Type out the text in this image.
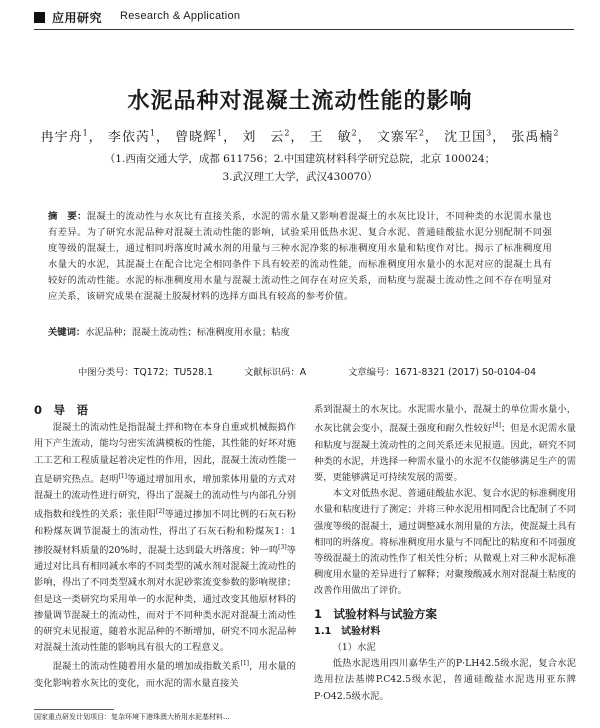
应用研究 Research & Application
水泥品种对混凝土流动性能的影响
冉宇舟$^1$， 李依芮$^1$， 曾晓辉$^1$， 刘　云$^2$， 王　敏$^2$， 文寨军$^2$， 沈卫国$^3$， 张禹楠$^2$
（1.西南交通大学，成都 611756；2.中国建筑材料科学研究总院，北京 100024；
3.武汉理工大学，武汉430070）
摘　要：混凝土的流动性与水灰比有直接关系，水泥的需水量又影响着混凝土的水灰比设计，不同种类的水泥需水量也有差异。为了研究水泥品种对混凝土流动性能的影响，试验采用低热水泥、复合水泥、普通硅酸盐水泥分别配制不同强度等级的混凝土，通过相同坍落度时减水剂的用量与三种水泥净浆的标准稠度用水量和粘度作对比。揭示了标准稠度用水量大的水泥，其混凝土在配合比完全相同条件下具有较差的流动性能，而标准稠度用水量小的水泥对应的混凝土具有较好的流动性能。水泥的标准稠度用水量与混凝土流动性之间存在对应关系，而粘度与混凝土流动性之间不存在明显对应关系，该研究成果在混凝土胶凝材料的选择方面具有较高的参考价值。
关键词：水泥品种；混凝土流动性；标准稠度用水量；粘度
中图分类号：TQ172；TU528.1	文献标识码：A	文章编号：1671-8321 (2017) S0-0104-04
0　导　语

混凝土的流动性是指混凝土拌和物在本身自重或机械振捣作用下产生流动，能均匀密实流满模板的性能，其性能的好坏对施工工艺和工程质量起着决定性的作用，因此，混凝土流动性能一直是研究热点。赵明[1]等通过增加用水，增加浆体用量的方式对混凝土的流动性进行研究，得出了混凝土的流动性与内部孔分别成指数和线性的关系；张佳阳[2]等通过掺加不同比例的石灰石粉和粉煤灰调节混凝土的流动性，得出了石灰石粉和粉煤灰1：1掺胶凝材料质量的20%时，混凝土达到最大坍落度；钟一鸣[3]等通过对比具有相同减水率的不同类型的减水剂对混凝土流动性的影响，得出了不同类型减水剂对水泥砂浆流变参数的影响规律；但是这一类研究均采用单一的水泥种类，通过改变其他原材料的掺量调节混凝土的流动性，而对于不同种类水泥对混凝土流动性的研究未见报道，随着水泥品种的不断增加，研究不同水泥品种对混凝土流动性能的影响具有很大的工程意义。

混凝土的流动性随着用水量的增加成指数关系[1]，用水量的变化影响着水灰比的变化，而水泥的需水量直接关

国家重点研发计划项目：复杂环境下港珠澳大桥用水泥基材料...

系到混凝土的水灰比。水泥需水量小，混凝土的单位需水量小，水灰比就会变小，混凝土强度和耐久性较好[4]；但是水泥需水量和粘度与混凝土流动性的之间关系还未见报道。因此，研究不同种类的水泥，并选择一种需水量小的水泥不仅能够满足生产的需要，更能够满足可持续发展的需要。

本文对低热水泥、普通硅酸盐水泥、复合水泥的标准稠度用水量和粘度进行了测定；并将三种水泥用相同配合比配制了不同强度等级的混凝土，通过调整减水剂用量的方法，使混凝土具有相同的坍落度。将标准稠度用水量与不同配比的粘度和不同强度等级混凝土的流动性作了相关性分析；从微观上对三种水泥标准稠度用水量的差异进行了解释；对聚羧酸减水剂对混凝土粘度的改善作用做出了评价。

1　试验材料与试验方案
1.1　试验材料

（1）水泥

低热水泥选用四川嘉华生产的P·LH42.5级水泥，复合水泥选用拉法基牌P.C42.5级水泥，普通硅酸盐水泥选用亚东牌P·O42.5级水泥。
